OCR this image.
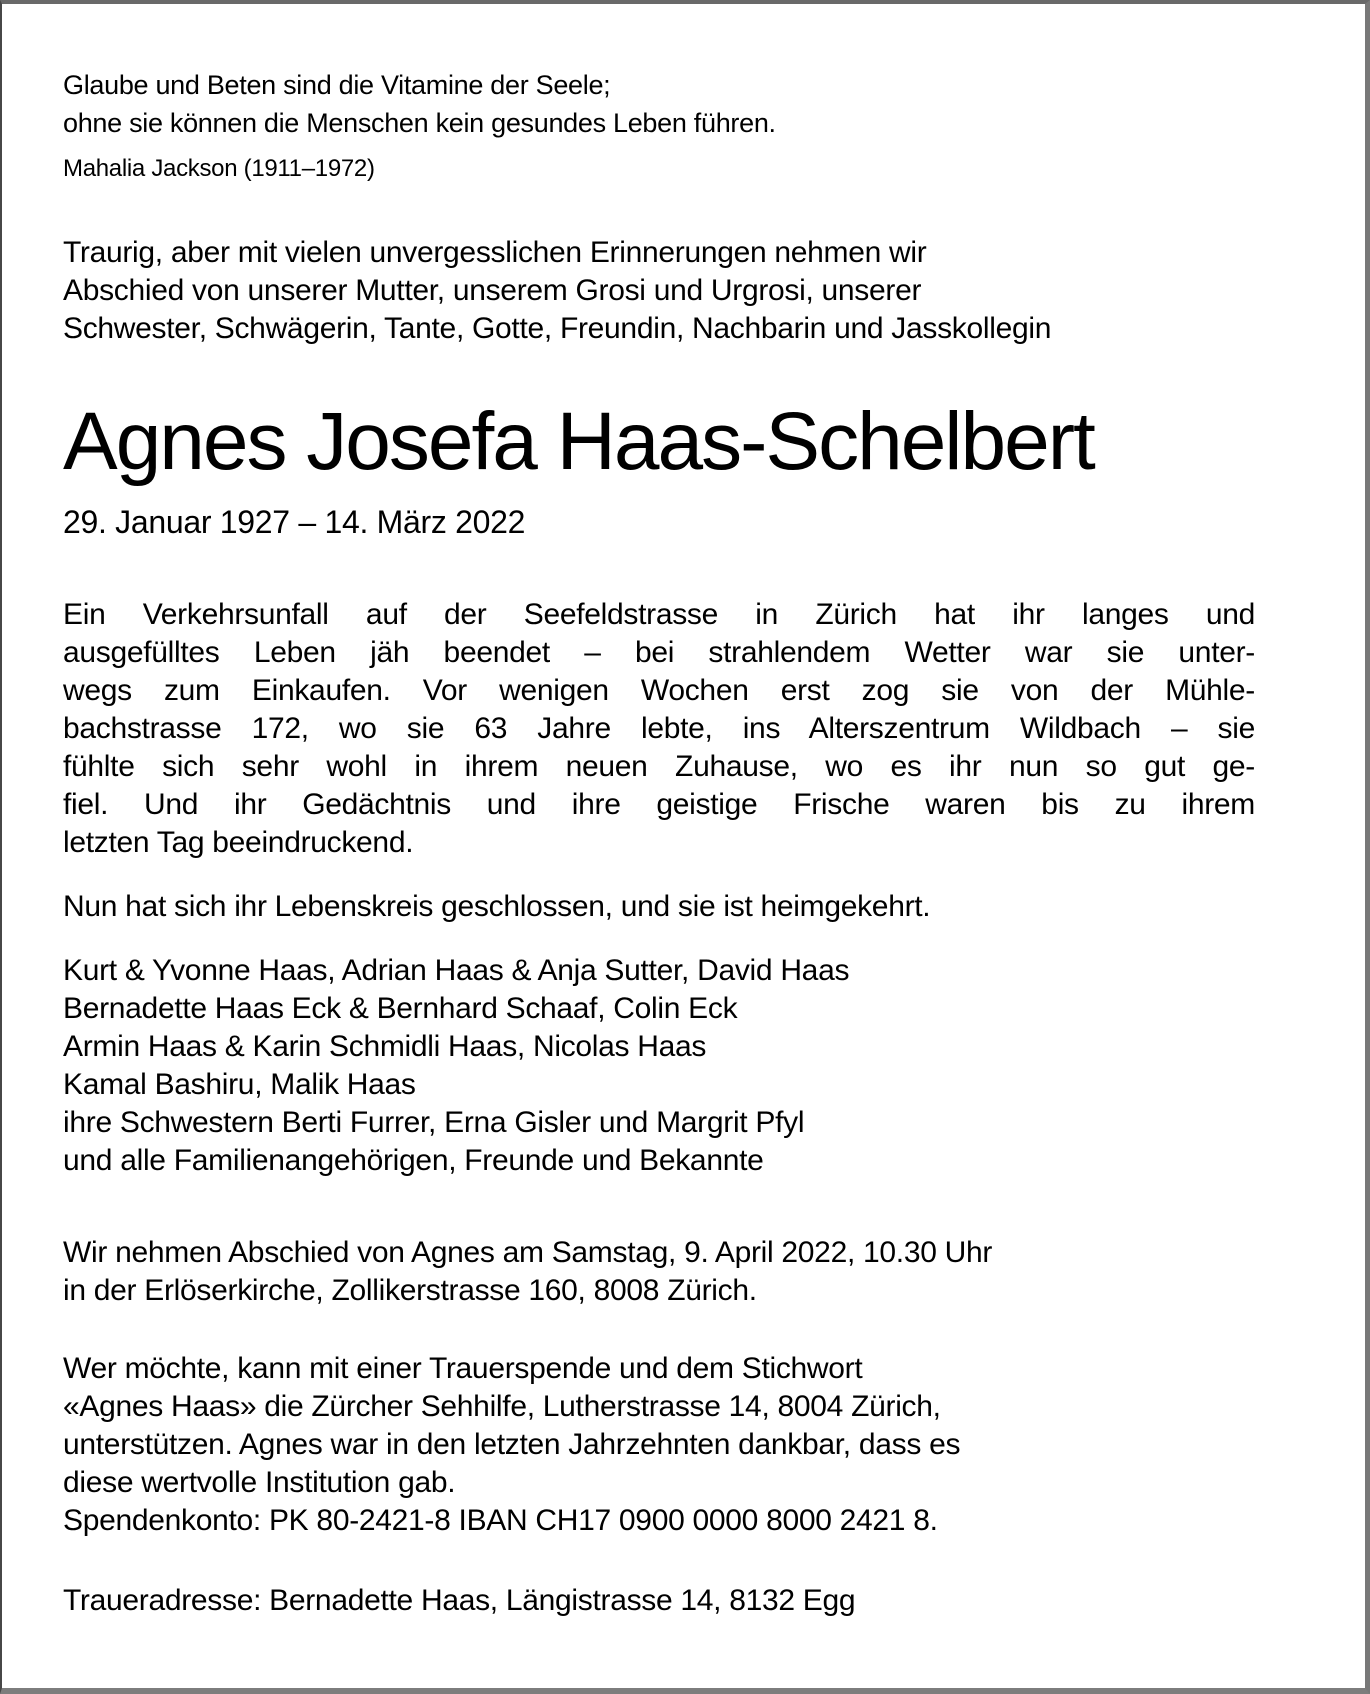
Glaube und Beten sind die Vitamine der Seele;
ohne sie können die Menschen kein gesundes Leben führen.
Mahalia Jackson (1911–1972)
Traurig, aber mit vielen unvergesslichen Erinnerungen nehmen wir
Abschied von unserer Mutter, unserem Grosi und Urgrosi, unserer
Schwester, Schwägerin, Tante, Gotte, Freundin, Nachbarin und Jasskollegin
Agnes Josefa Haas-Schelbert
29. Januar 1927 – 14. März 2022
Ein Verkehrsunfall auf der Seefeldstrasse in Zürich hat ihr langes und
ausgefülltes Leben jäh beendet – bei strahlendem Wetter war sie unter-
wegs zum Einkaufen. Vor wenigen Wochen erst zog sie von der Mühle-
bachstrasse 172, wo sie 63 Jahre lebte, ins Alterszentrum Wildbach – sie
fühlte sich sehr wohl in ihrem neuen Zuhause, wo es ihr nun so gut ge-
fiel. Und ihr Gedächtnis und ihre geistige Frische waren bis zu ihrem
letzten Tag beeindruckend.
Nun hat sich ihr Lebenskreis geschlossen, und sie ist heimgekehrt.
Kurt & Yvonne Haas, Adrian Haas & Anja Sutter, David Haas
Bernadette Haas Eck & Bernhard Schaaf, Colin Eck
Armin Haas & Karin Schmidli Haas, Nicolas Haas
Kamal Bashiru, Malik Haas
ihre Schwestern Berti Furrer, Erna Gisler und Margrit Pfyl
und alle Familienangehörigen, Freunde und Bekannte
Wir nehmen Abschied von Agnes am Samstag, 9. April 2022, 10.30 Uhr
in der Erlöserkirche, Zollikerstrasse 160, 8008 Zürich.
Wer möchte, kann mit einer Trauerspende und dem Stichwort
«Agnes Haas» die Zürcher Sehhilfe, Lutherstrasse 14, 8004 Zürich,
unterstützen. Agnes war in den letzten Jahrzehnten dankbar, dass es
diese wertvolle Institution gab.
Spendenkonto: PK 80-2421-8 IBAN CH17 0900 0000 8000 2421 8.
Traueradresse: Bernadette Haas, Längistrasse 14, 8132 Egg
